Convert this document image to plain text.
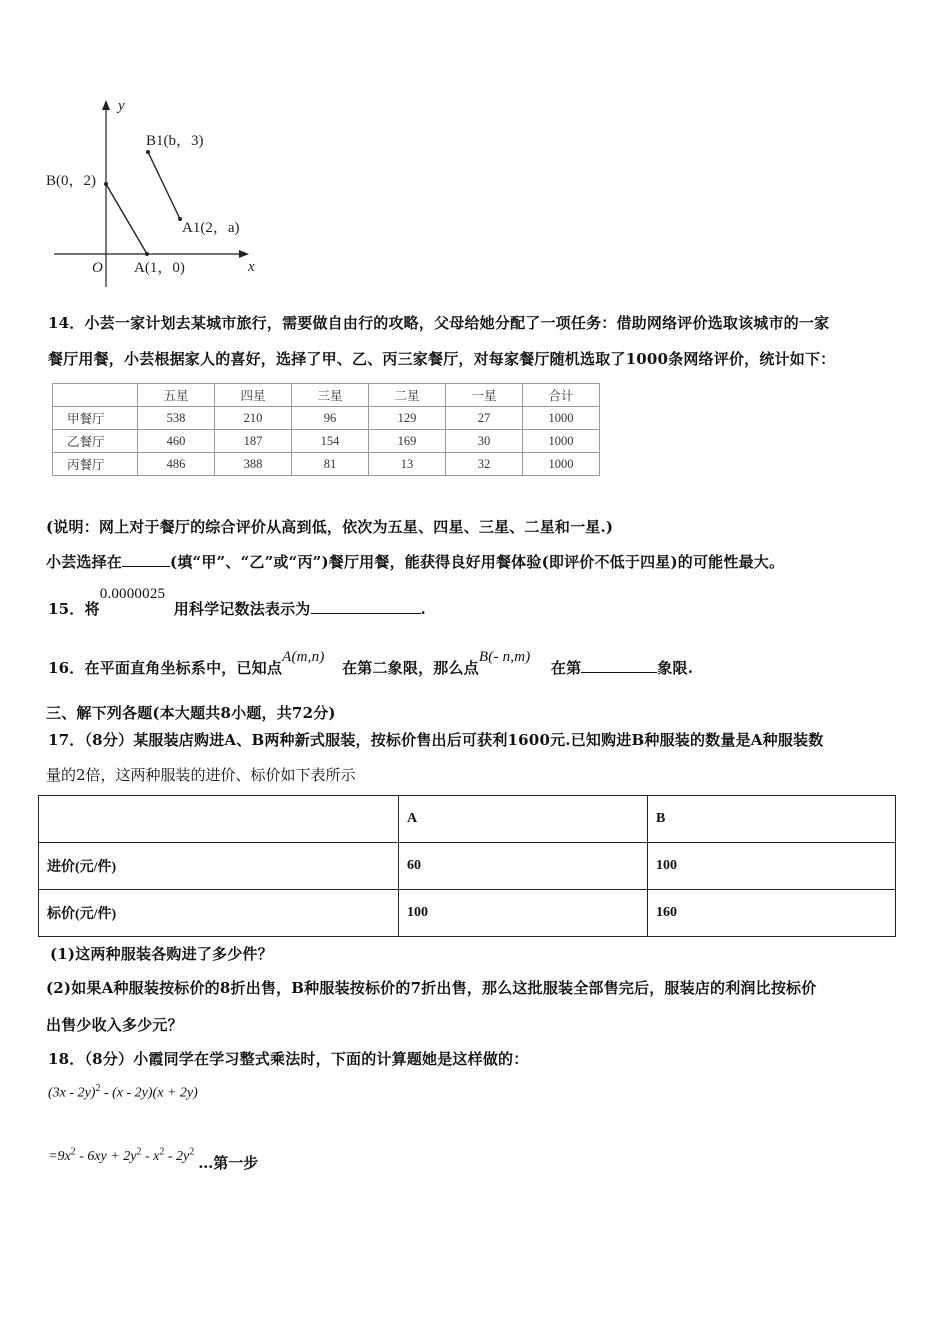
y
x
O
B(0，2)
A(1，0)
B1(b，3)
A1(2，a)
14．小芸一家计划去某城市旅行，需要做自由行的攻略，父母给她分配了一项任务：借助网络评价选取该城市的一家
餐厅用餐，小芸根据家人的喜好，选择了甲、乙、丙三家餐厅，对每家餐厅随机选取了1000条网络评价，统计如下：
	五星	四星	三星	二星	一星	合计
甲餐厅	538	210	96	129	27	1000
乙餐厅	460	187	154	169	30	1000
丙餐厅	486	388	81	13	32	1000
(说明：网上对于餐厅的综合评价从高到低，依次为五星、四星、三星、二星和一星.)
小芸选择在	(填“甲”、“乙”或“丙”)餐厅用餐，能获得良好用餐体验(即评价不低于四星)的可能性最大。
15．将0.0000025用科学记数法表示为	.
16．在平面直角坐标系中，已知点A(m,n)在第二象限，那么点B(- n,m)在第	象限.
三、解下列各题(本大题共8小题，共72分)
17．（8分）某服装店购进A、B两种新式服装，按标价售出后可获利1600元.已知购进B种服装的数量是A种服装数
量的2倍，这两种服装的进价、标价如下表所示
	A	B
进价(元/件)	60	100
标价(元/件)	100	160
(1)这两种服装各购进了多少件？
(2)如果A种服装按标价的8折出售，B种服装按标价的7折出售，那么这批服装全部售完后，服装店的利润比按标价
出售少收入多少元？
18．（8分）小霞同学在学习整式乘法时，下面的计算题她是这样做的：
(3x - 2y)$^2$ - (x - 2y)(x + 2y)
$=9x^2 - 6xy + 2y^2 - x^2$ - $2y^2\dots$第一步
